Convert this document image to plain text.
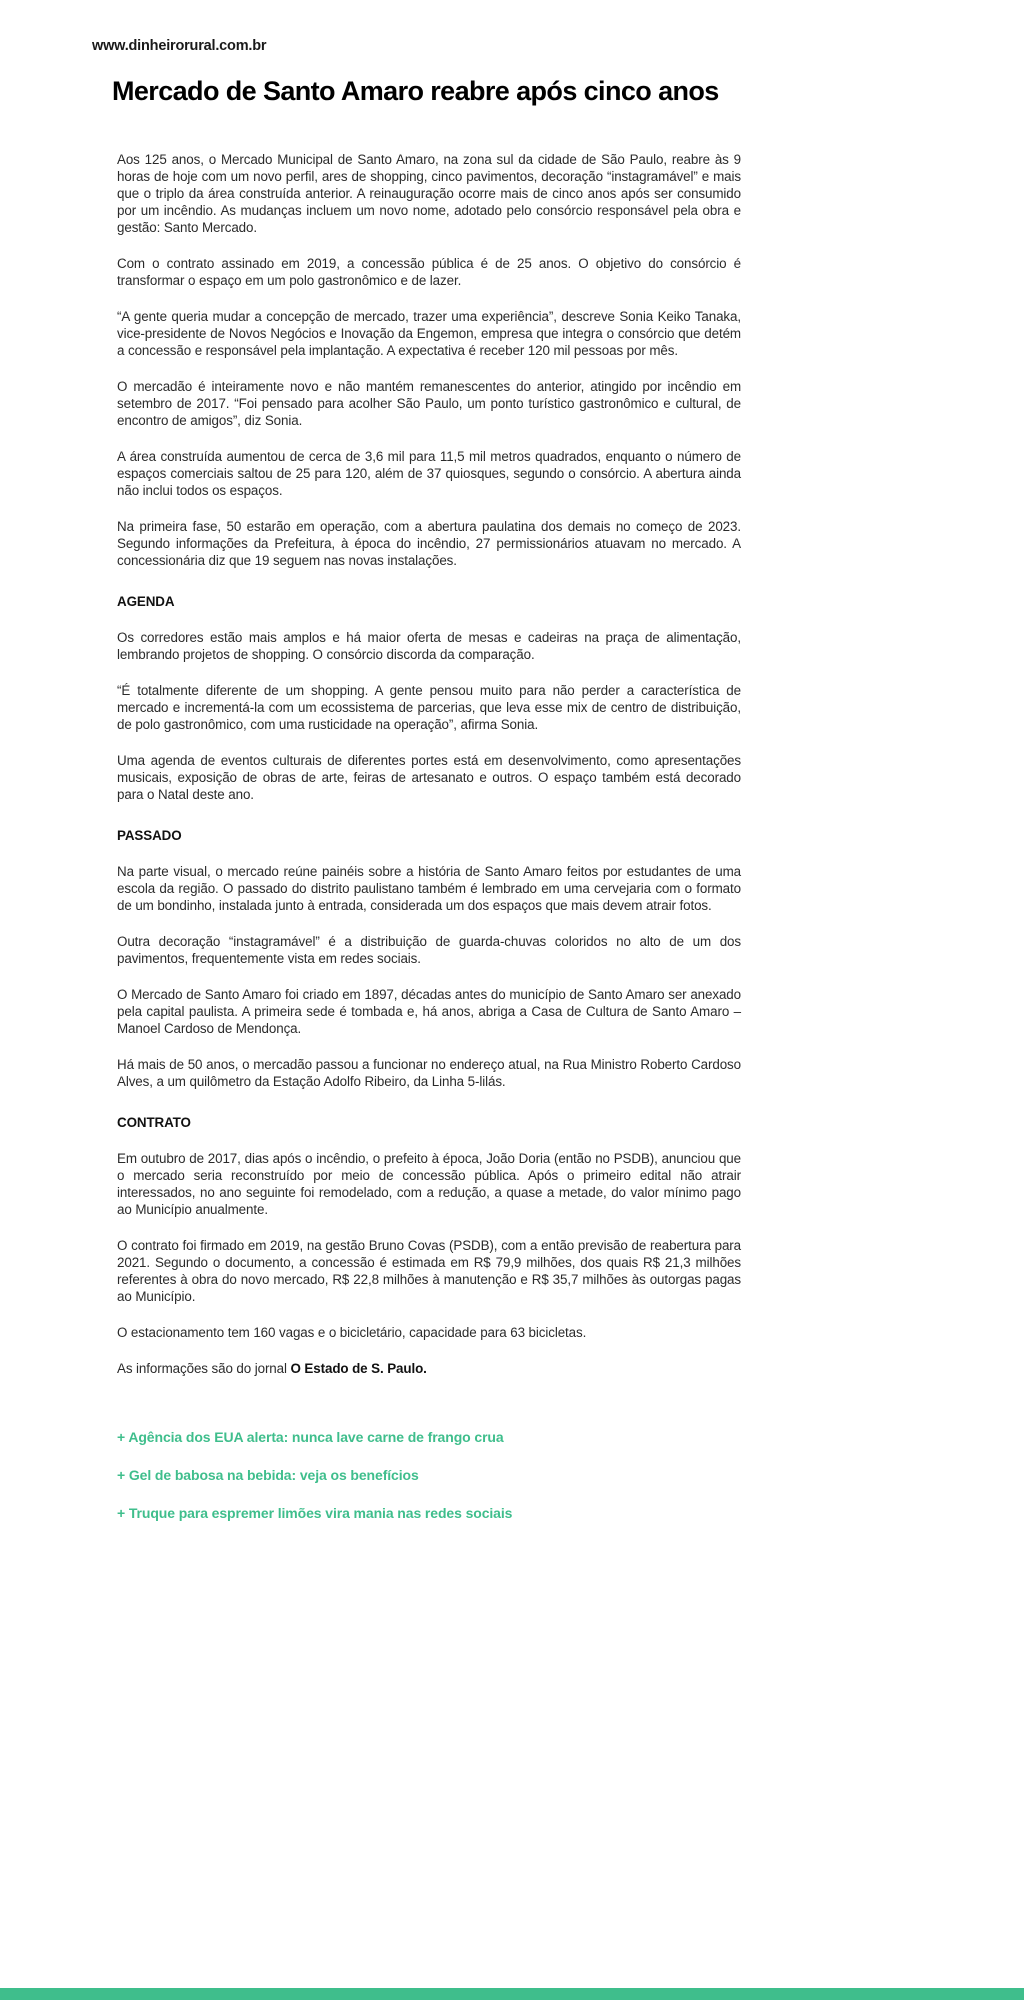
www.dinheirorural.com.br
Mercado de Santo Amaro reabre após cinco anos

Aos 125 anos, o Mercado Municipal de Santo Amaro, na zona sul da cidade de São Paulo, reabre às 9 horas de hoje com um novo perfil, ares de shopping, cinco pavimentos, decoração “instagramável” e mais que o triplo da área construída anterior. A reinauguração ocorre mais de cinco anos após ser consumido por um incêndio. As mudanças incluem um novo nome, adotado pelo consórcio responsável pela obra e gestão: Santo Mercado.

Com o contrato assinado em 2019, a concessão pública é de 25 anos. O objetivo do consórcio é transformar o espaço em um polo gastronômico e de lazer.

“A gente queria mudar a concepção de mercado, trazer uma experiência”, descreve Sonia Keiko Tanaka, vice-presidente de Novos Negócios e Inovação da Engemon, empresa que integra o consórcio que detém a concessão e responsável pela implantação. A expectativa é receber 120 mil pessoas por mês.

O mercadão é inteiramente novo e não mantém remanescentes do anterior, atingido por incêndio em setembro de 2017. “Foi pensado para acolher São Paulo, um ponto turístico gastronômico e cultural, de encontro de amigos”, diz Sonia.

A área construída aumentou de cerca de 3,6 mil para 11,5 mil metros quadrados, enquanto o número de espaços comerciais saltou de 25 para 120, além de 37 quiosques, segundo o consórcio. A abertura ainda não inclui todos os espaços.

Na primeira fase, 50 estarão em operação, com a abertura paulatina dos demais no começo de 2023. Segundo informações da Prefeitura, à época do incêndio, 27 permissionários atuavam no mercado. A concessionária diz que 19 seguem nas novas instalações.

AGENDA

Os corredores estão mais amplos e há maior oferta de mesas e cadeiras na praça de alimentação, lembrando projetos de shopping. O consórcio discorda da comparação.

“É totalmente diferente de um shopping. A gente pensou muito para não perder a característica de mercado e incrementá-la com um ecossistema de parcerias, que leva esse mix de centro de distribuição, de polo gastronômico, com uma rusticidade na operação”, afirma Sonia.

Uma agenda de eventos culturais de diferentes portes está em desenvolvimento, como apresentações musicais, exposição de obras de arte, feiras de artesanato e outros. O espaço também está decorado para o Natal deste ano.

PASSADO

Na parte visual, o mercado reúne painéis sobre a história de Santo Amaro feitos por estudantes de uma escola da região. O passado do distrito paulistano também é lembrado em uma cervejaria com o formato de um bondinho, instalada junto à entrada, considerada um dos espaços que mais devem atrair fotos.

Outra decoração “instagramável” é a distribuição de guarda-chuvas coloridos no alto de um dos pavimentos, frequentemente vista em redes sociais.

O Mercado de Santo Amaro foi criado em 1897, décadas antes do município de Santo Amaro ser anexado pela capital paulista. A primeira sede é tombada e, há anos, abriga a Casa de Cultura de Santo Amaro – Manoel Cardoso de Mendonça.

Há mais de 50 anos, o mercadão passou a funcionar no endereço atual, na Rua Ministro Roberto Cardoso Alves, a um quilômetro da Estação Adolfo Ribeiro, da Linha 5-lilás.

CONTRATO

Em outubro de 2017, dias após o incêndio, o prefeito à época, João Doria (então no PSDB), anunciou que o mercado seria reconstruído por meio de concessão pública. Após o primeiro edital não atrair interessados, no ano seguinte foi remodelado, com a redução, a quase a metade, do valor mínimo pago ao Município anualmente.

O contrato foi firmado em 2019, na gestão Bruno Covas (PSDB), com a então previsão de reabertura para 2021. Segundo o documento, a concessão é estimada em R$ 79,9 milhões, dos quais R$ 21,3 milhões referentes à obra do novo mercado, R$ 22,8 milhões à manutenção e R$ 35,7 milhões às outorgas pagas ao Município.

O estacionamento tem 160 vagas e o bicicletário, capacidade para 63 bicicletas.

As informações são do jornal O Estado de S. Paulo.

+ Agência dos EUA alerta: nunca lave carne de frango crua
+ Gel de babosa na bebida: veja os benefícios
+ Truque para espremer limões vira mania nas redes sociais
